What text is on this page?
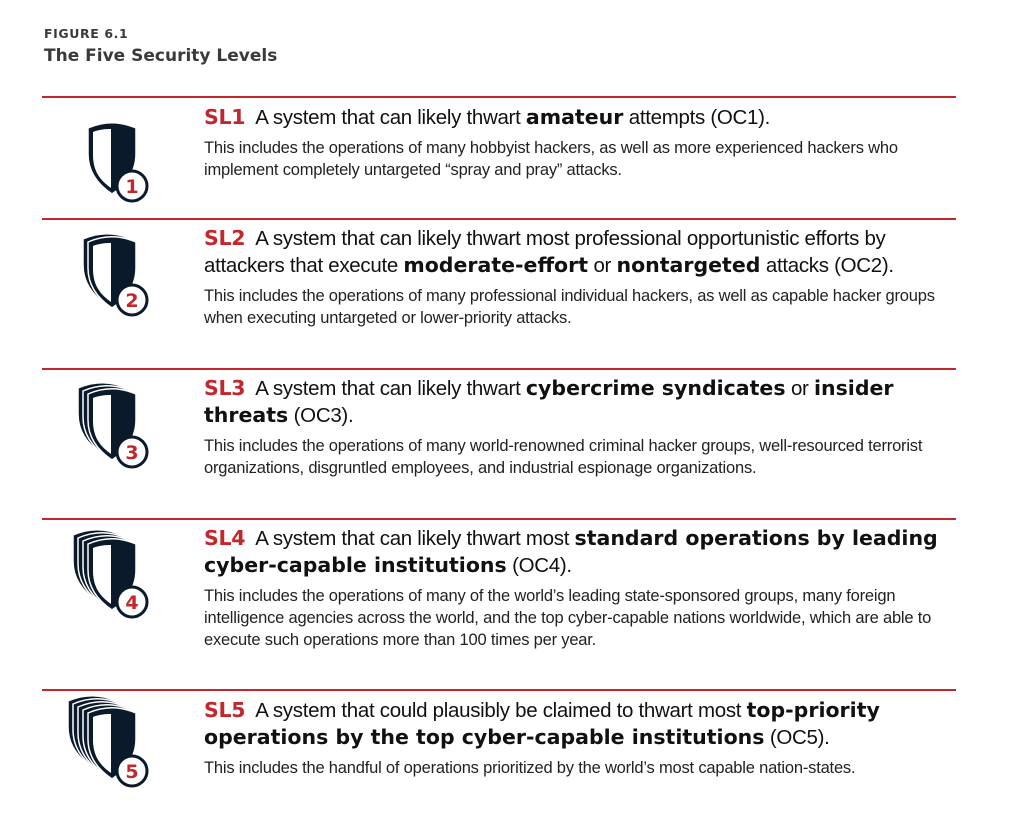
FIGURE 6.1
The Five Security Levels
1

SL1 A system that can likely thwart amateur attempts (OC1).

This includes the operations of many hobbyist hackers, as well as more experienced hackers who implement completely untargeted “spray and pray” attacks.

2

SL2 A system that can likely thwart most professional opportunistic efforts by attackers that execute moderate-effort or nontargeted attacks (OC2).

This includes the operations of many professional individual hackers, as well as capable hacker groups when executing untargeted or lower-priority attacks.

3

SL3 A system that can likely thwart cybercrime syndicates or insider threats (OC3).

This includes the operations of many world-renowned criminal hacker groups, well-resourced terrorist organizations, disgruntled employees, and industrial espionage organizations.

4

SL4 A system that can likely thwart most standard operations by leading cyber-capable institutions (OC4).

This includes the operations of many of the world’s leading state-sponsored groups, many foreign intelligence agencies across the world, and the top cyber-capable nations worldwide, which are able to execute such operations more than 100 times per year.

5

SL5 A system that could plausibly be claimed to thwart most top-priority operations by the top cyber-capable institutions (OC5).

This includes the handful of operations prioritized by the world’s most capable nation-states.
